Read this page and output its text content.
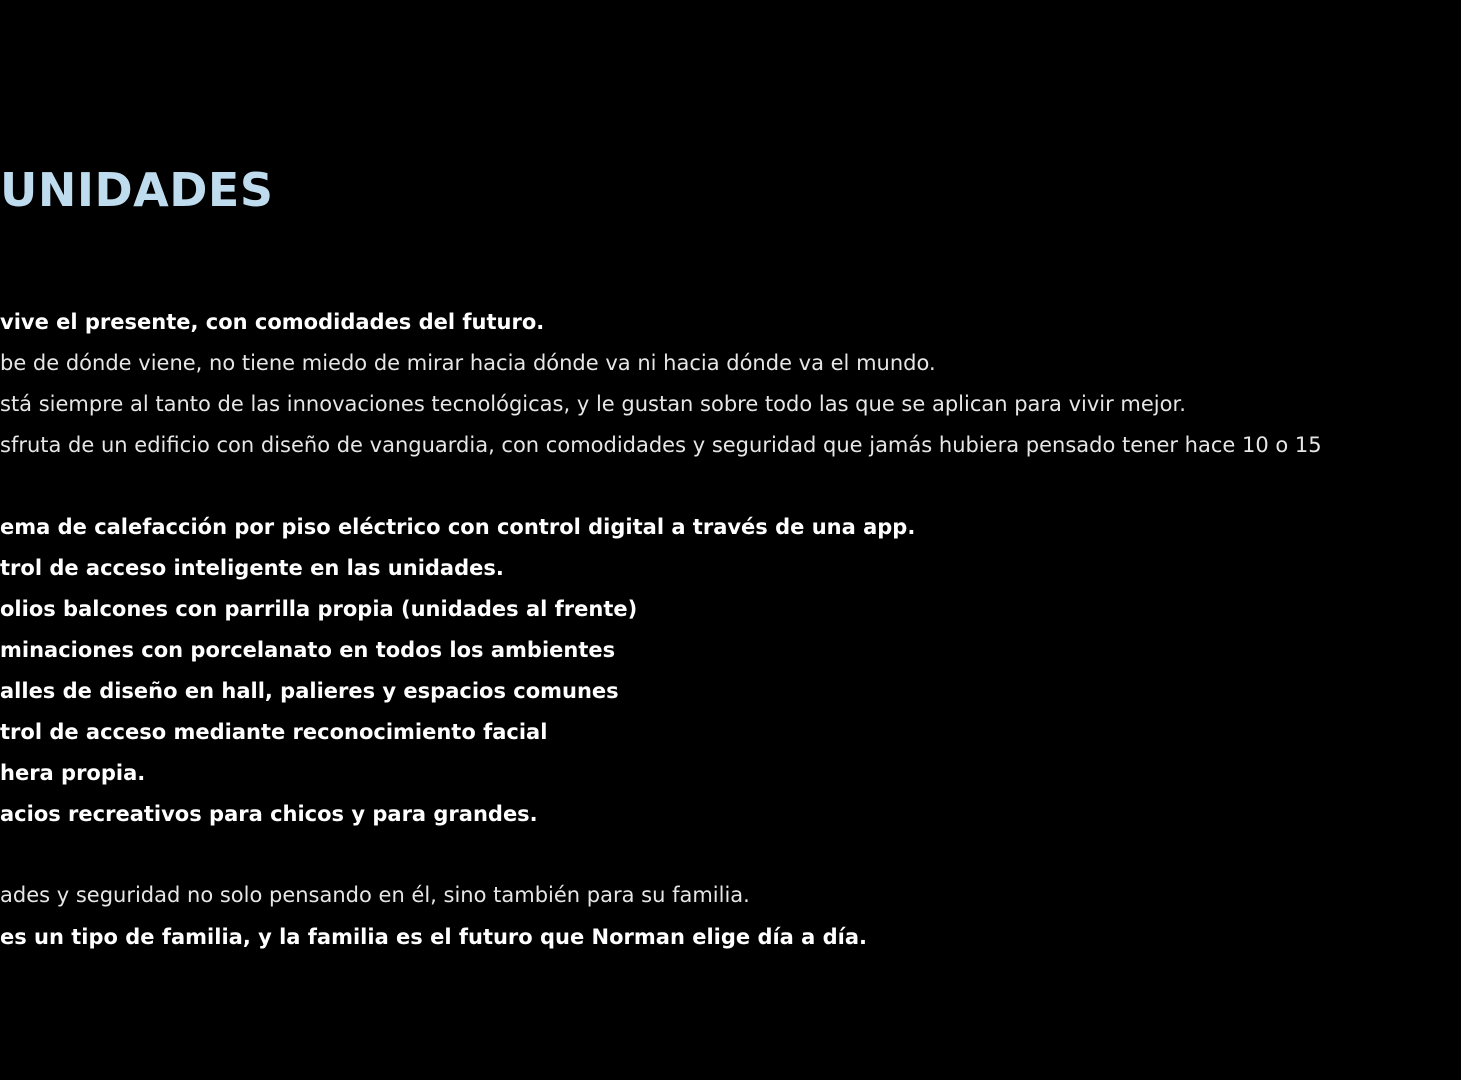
UNIDADES
vive el presente, con comodidades del futuro.
be de dónde viene, no tiene miedo de mirar hacia dónde va ni hacia dónde va el mundo.
stá siempre al tanto de las innovaciones tecnológicas, y le gustan sobre todo las que se aplican para vivir mejor.
sfruta de un edificio con diseño de vanguardia, con comodidades y seguridad que jamás hubiera pensado tener hace 10 o 15
ema de calefacción por piso eléctrico con control digital a través de una app.
trol de acceso inteligente en las unidades.
olios balcones con parrilla propia (unidades al frente)
minaciones con porcelanato en todos los ambientes
alles de diseño en hall, palieres y espacios comunes
trol de acceso mediante reconocimiento facial
hera propia.
acios recreativos para chicos y para grandes.
ades y seguridad no solo pensando en él, sino también para su familia.
es un tipo de familia, y la familia es el futuro que Norman elige día a día.
